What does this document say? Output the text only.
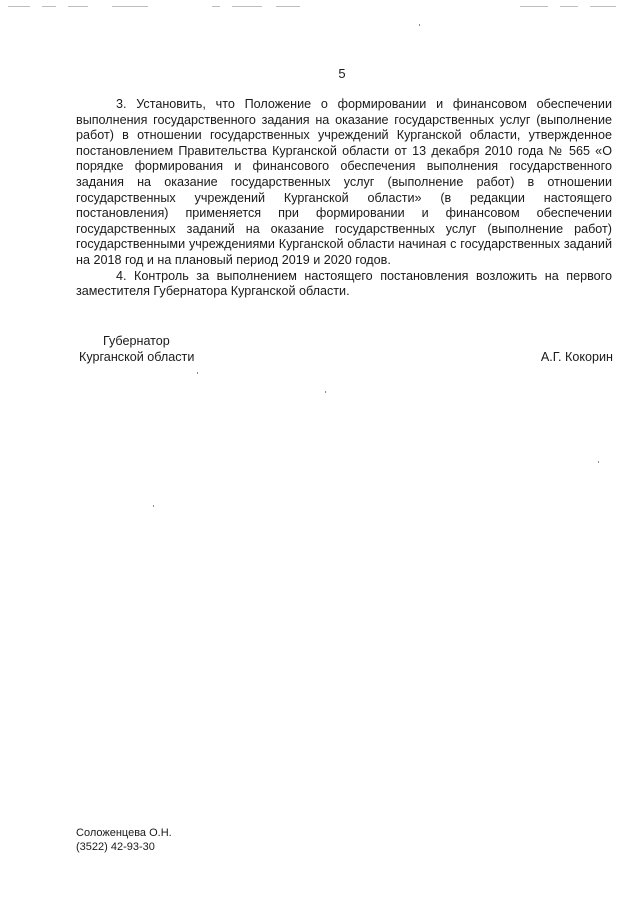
5

3. Установить, что Положение о формировании и финансовом обеспечении выполнения государственного задания на оказание государственных услуг (выполнение работ) в отношении государственных учреждений Курганской области, утвержденное постановлением Правительства Курганской области от 13 декабря 2010 года № 565 «О порядке формирования и финансового обеспечения выполнения государственного задания на оказание государственных услуг (выполнение работ) в отношении государственных учреждений Курганской области» (в редакции настоящего постановления) применяется при формировании и финансовом обеспечении государственных заданий на оказание государственных услуг (выполнение работ) государственными учреждениями Курганской области начиная с государственных заданий на 2018 год и на плановый период 2019 и 2020 годов.

4. Контроль за выполнением настоящего постановления возложить на первого заместителя Губернатора Курганской области.

Губернатор
Курганской области	А.Г. Кокорин
Соложенцева О.Н.
(3522) 42-93-30
